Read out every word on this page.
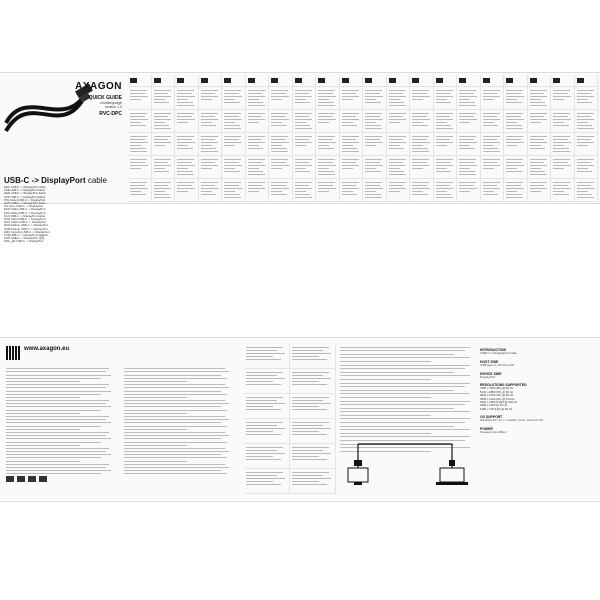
AXAGON
QUICK GUIDE
multilanguage
version 1.0
RVC-DPC
USB-C -> DisplayPort cable
ENG USB-C -> DisplayPort cable
CZE USB-C -> DisplayPort kabel
GER USB-C -> DisplayPort Kabel
SVK USB-C -> DisplayPort kabel
POL Kabel USB-C -> DisplayPort
HUN USB-C -> DisplayPort kabel
ITA Cavo USB-C -> DisplayPort
ESP Cable USB-C -> DisplayPort
FRA Câble USB-C -> DisplayPort
NLD USB-C -> DisplayPort kabel
POR Cabo USB-C -> DisplayPort
ROU Cablu USB-C -> DisplayPort
RUS Кабель USB-C -> DisplayPort
UKR Кабель USB-C -> DisplayPort
GRC Καλώδιο USB-C -> DisplayPort
TUR USB-C -> DisplayPort kablosu
CHN USB-C -> DisplayPort 线缆
ARA كابل USB-C -> DisplayPort
www.axagon.eu	INTRODUCTION
USB-C to DisplayPort cable.
HOST SIDE
USB type-C, DP Alt mode
DEVICE SIDE
DisplayPort
RESOLUTIONS SUPPORTED
7680 x 4320 (8K) @ 60 Hz
5120 x 2880 (5K) @ 60 Hz
3840 x 2160 (4K) @ 60 Hz
2560 x 1440 (2K) @ 144 Hz
1920 x 1080 (FHD) @ 240 Hz
1680 x 1050 @ 60 Hz
1280 x 720 (HD) @ 60 Hz
OS SUPPORT
Windows 10 / 8 / 7, macOS, Linux, Chrome OS
POWER
Powered via USB-C
